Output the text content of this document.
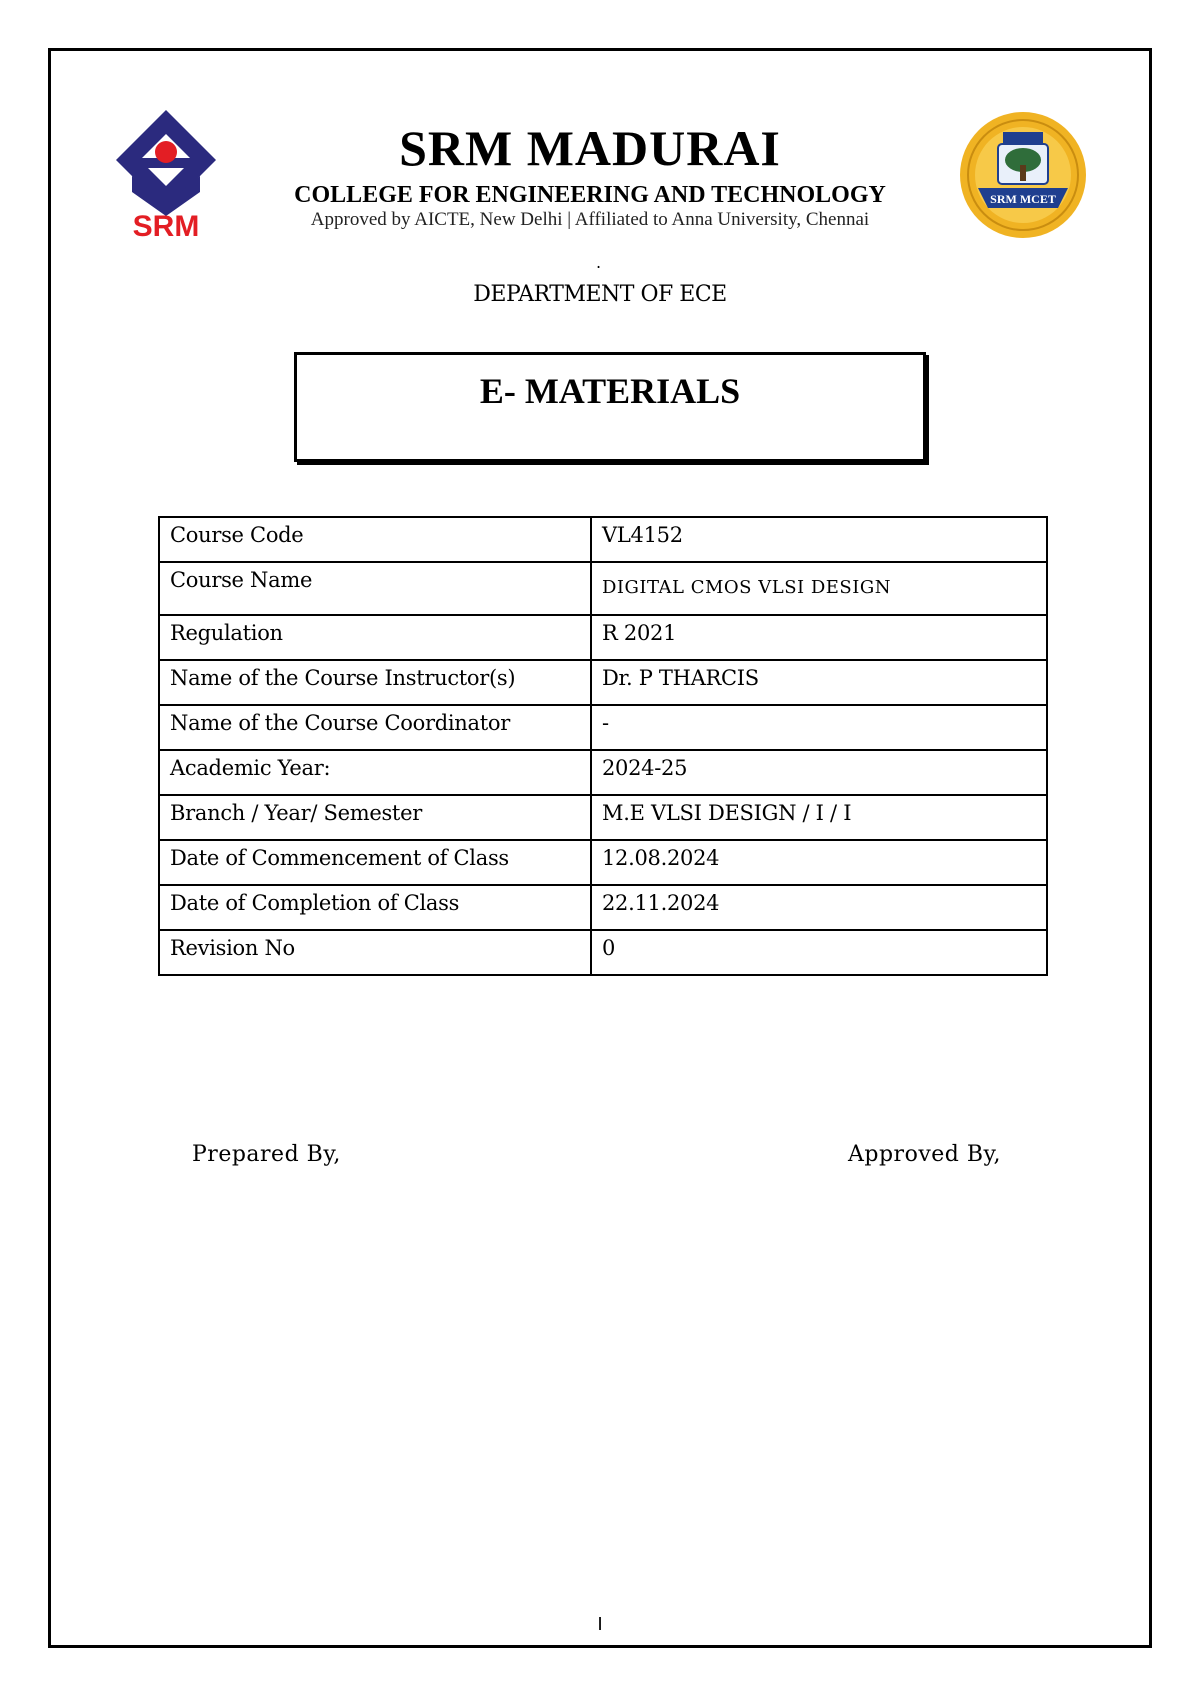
SRM
SRM MADURAI
COLLEGE FOR ENGINEERING AND TECHNOLOGY
Approved by AICTE, New Delhi | Affiliated to Anna University, Chennai
SRM MCET
.
DEPARTMENT OF ECE
E- MATERIALS
Course Code	VL4152
Course Name	DIGITAL CMOS VLSI DESIGN
Regulation	R 2021
Name of the Course Instructor(s)	Dr. P THARCIS
Name of the Course Coordinator	-
Academic Year:	2024-25
Branch / Year/ Semester	M.E VLSI DESIGN / I / I
Date of Commencement of Class	12.08.2024
Date of Completion of Class	22.11.2024
Revision No	0
Prepared By,	Approved By,
I
